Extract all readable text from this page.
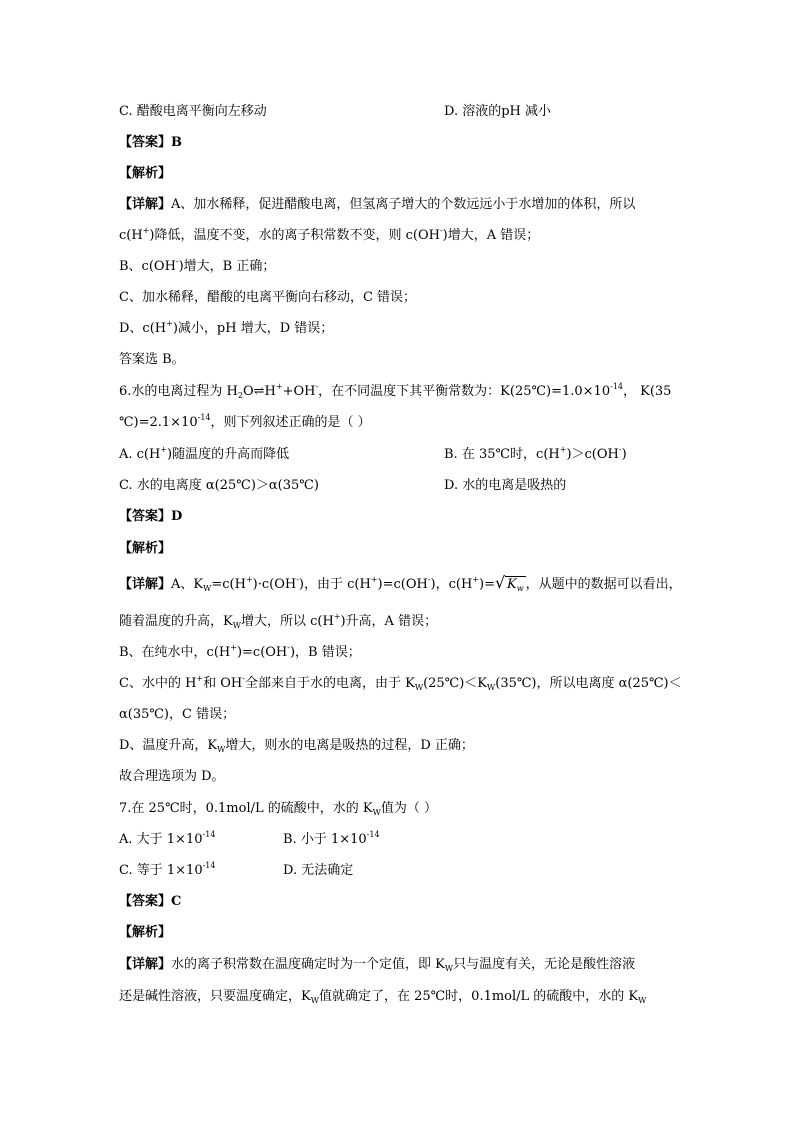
C. 醋酸电离平衡向左移动	D. 溶液的pH 减小
【答案】B
【解析】
【详解】A、加水稀释，促进醋酸电离，但氢离子增大的个数远远小于水增加的体积，所以
c(H+)降低，温度不变，水的离子积常数不变，则 c(OH-)增大，A 错误；
B、c(OH-)增大，B 正确；
C、加水稀释，醋酸的电离平衡向右移动，C 错误；
D、c(H+)减小，pH 增大，D 错误；
答案选 B。
6.水的电离过程为 $H_2O\rightleftharpoons H^++OH^-$，在不同温度下其平衡常数为：$K(25℃)=1.0\times 10^{-14}$， K(35
$℃)=2.1\times 10^{-14}$，则下列叙述正确的是（ ）
A. c(H+)随温度的升高而降低	B. 在 35℃时，c(H+)＞c(OH-)
C. 水的电离度 α(25℃)＞α(35℃)	D. 水的电离是吸热的
【答案】D
【解析】
【详解】A、$K_W=c(H^+)\cdot c(OH^-)$，由于 c(H+)=c(OH-)，c(H+)= √ $K_w$ ，从题中的数据可以看出，
随着温度的升高，$K_W$增大，所以 c(H+)升高，A 错误；
B、在纯水中，c(H+)=c(OH-)，B 错误；
C、水中的 H+和 OH-全部来自于水的电离，由于 $K_W(25℃)<K_W(35℃)$，所以电离度 α(25℃)＜
α(35℃)，C 错误；
D、温度升高，$K_W$增大，则水的电离是吸热的过程，D 正确；
故合理选项为 D。
7.在 25℃时，0.1mol/L 的硫酸中，水的 $K_W$值为（ ）
A. 大于 $1\times 10^{-14}$	B. 小于 $1\times 10^{-14}$
C. 等于 $1\times 10^{-14}$	D. 无法确定
【答案】C
【解析】
【详解】水的离子积常数在温度确定时为一个定值，即 $K_W$只与温度有关，无论是酸性溶液
还是碱性溶液，只要温度确定，$K_W$值就确定了，在 25℃时，0.1mol/L 的硫酸中，水的 $K_W$
